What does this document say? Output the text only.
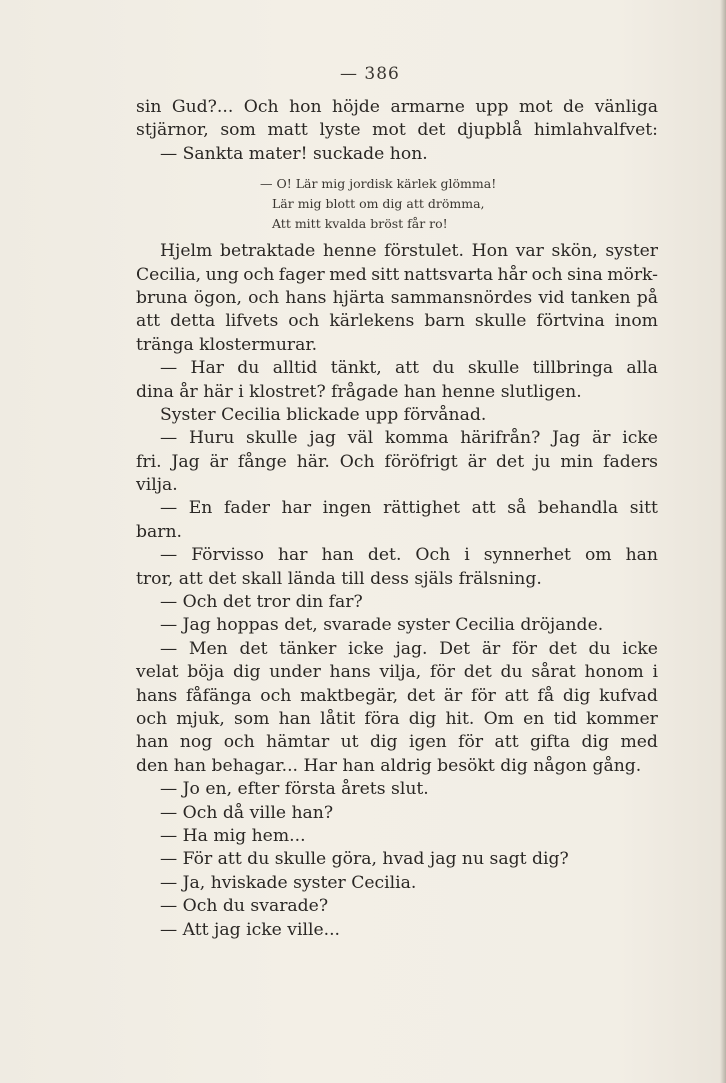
— 386
sin Gud?... Och hon höjde armarne upp mot de vänliga
stjärnor, som matt lyste mot det djupblå himlahvalfvet:
— Sankta mater! suckade hon.
— O! Lär mig jordisk kärlek glömma!
Lär mig blott om dig att drömma,
Att mitt kvalda bröst får ro!
Hjelm betraktade henne förstulet. Hon var skön, syster
Cecilia, ung och fager med sitt nattsvarta hår och sina mörk-
bruna ögon, och hans hjärta sammansnördes vid tanken på
att detta lifvets och kärlekens barn skulle förtvina inom
tränga klostermurar.
— Har du alltid tänkt, att du skulle tillbringa alla
dina år här i klostret? frågade han henne slutligen.
Syster Cecilia blickade upp förvånad.
— Huru skulle jag väl komma härifrån? Jag är icke
fri. Jag är fånge här. Och föröfrigt är det ju min faders
vilja.
— En fader har ingen rättighet att så behandla sitt
barn.
— Förvisso har han det. Och i synnerhet om han
tror, att det skall lända till dess själs frälsning.
— Och det tror din far?
— Jag hoppas det, svarade syster Cecilia dröjande.
— Men det tänker icke jag. Det är för det du icke
velat böja dig under hans vilja, för det du sårat honom i
hans fåfänga och maktbegär, det är för att få dig kufvad
och mjuk, som han låtit föra dig hit. Om en tid kommer
han nog och hämtar ut dig igen för att gifta dig med
den han behagar... Har han aldrig besökt dig någon gång.
— Jo en, efter första årets slut.
— Och då ville han?
— Ha mig hem...
— För att du skulle göra, hvad jag nu sagt dig?
— Ja, hviskade syster Cecilia.
— Och du svarade?
— Att jag icke ville...
